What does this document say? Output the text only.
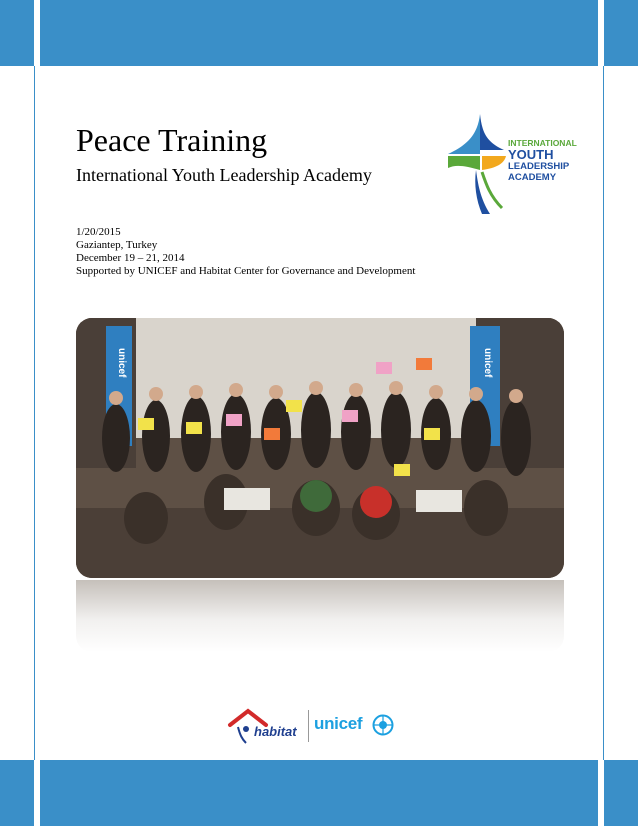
Peace Training
International Youth Leadership Academy
1/20/2015
Gaziantep, Turkey
December 19 – 21, 2014
Supported by UNICEF and Habitat Center for Governance and Development
INTERNATIONAL
YOUTH
LEADERSHIP
ACADEMY
unicef	unicef
habitat unicef
